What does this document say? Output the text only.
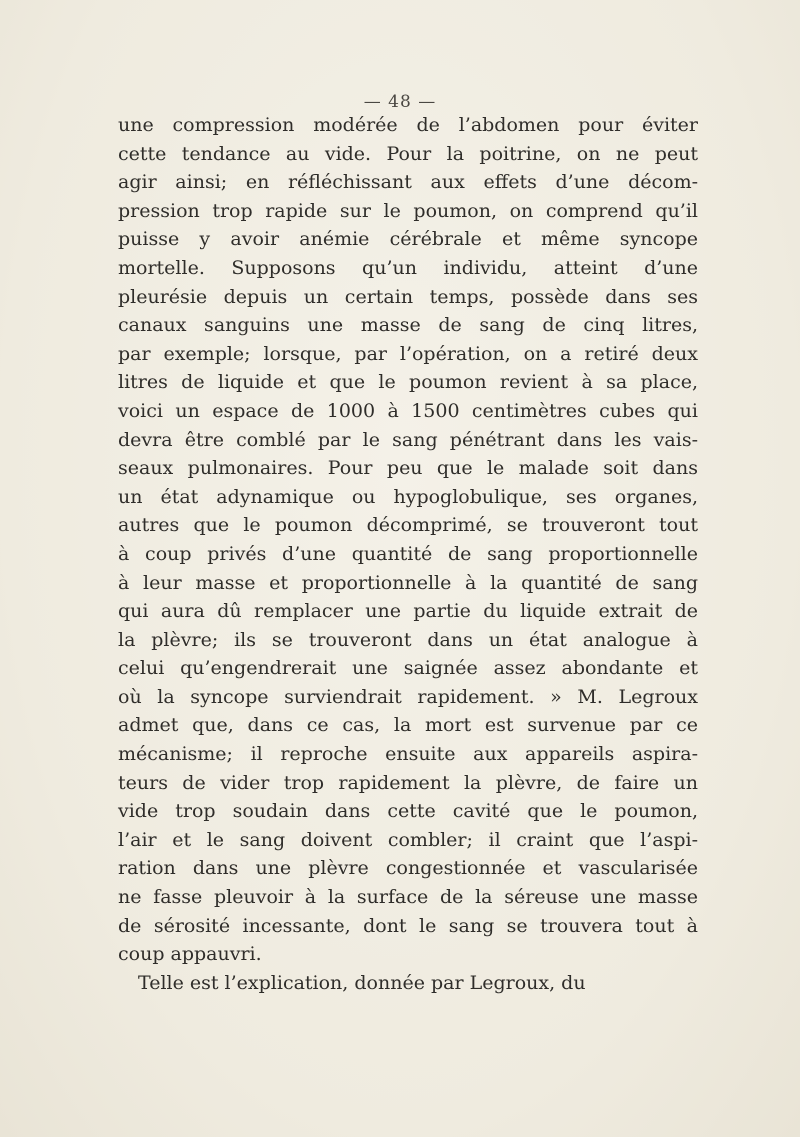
— 48 —
une compression modérée de l’abdomen pour éviter
cette tendance au vide. Pour la poitrine, on ne peut
agir ainsi; en réfléchissant aux effets d’une décom-
pression trop rapide sur le poumon, on comprend qu’il
puisse y avoir anémie cérébrale et même syncope
mortelle. Supposons qu’un individu, atteint d’une
pleurésie depuis un certain temps, possède dans ses
canaux sanguins une masse de sang de cinq litres,
par exemple; lorsque, par l’opération, on a retiré deux
litres de liquide et que le poumon revient à sa place,
voici un espace de 1000 à 1500 centimètres cubes qui
devra être comblé par le sang pénétrant dans les vais-
seaux pulmonaires. Pour peu que le malade soit dans
un état adynamique ou hypoglobulique, ses organes,
autres que le poumon décomprimé, se trouveront tout
à coup privés d’une quantité de sang proportionnelle
à leur masse et proportionnelle à la quantité de sang
qui aura dû remplacer une partie du liquide extrait de
la plèvre; ils se trouveront dans un état analogue à
celui qu’engendrerait une saignée assez abondante et
où la syncope surviendrait rapidement. » M. Legroux
admet que, dans ce cas, la mort est survenue par ce
mécanisme; il reproche ensuite aux appareils aspira-
teurs de vider trop rapidement la plèvre, de faire un
vide trop soudain dans cette cavité que le poumon,
l’air et le sang doivent combler; il craint que l’aspi-
ration dans une plèvre congestionnée et vascularisée
ne fasse pleuvoir à la surface de la séreuse une masse
de sérosité incessante, dont le sang se trouvera tout à
coup appauvri.
Telle est l’explication, donnée par Legroux, du
